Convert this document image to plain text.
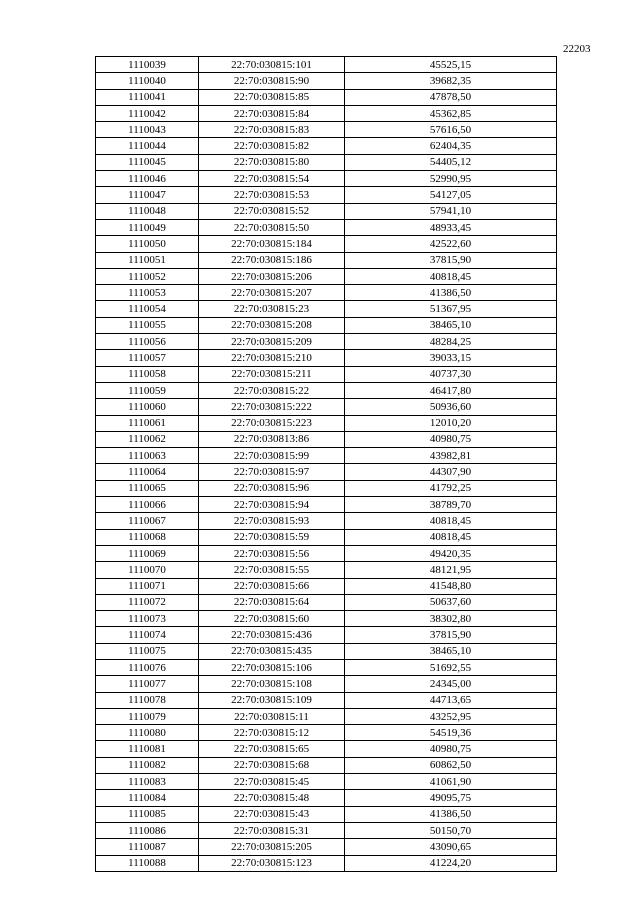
22203
1110039	22:70:030815:101	45525,15
1110040	22:70:030815:90	39682,35
1110041	22:70:030815:85	47878,50
1110042	22:70:030815:84	45362,85
1110043	22:70:030815:83	57616,50
1110044	22:70:030815:82	62404,35
1110045	22:70:030815:80	54405,12
1110046	22:70:030815:54	52990,95
1110047	22:70:030815:53	54127,05
1110048	22:70:030815:52	57941,10
1110049	22:70:030815:50	48933,45
1110050	22:70:030815:184	42522,60
1110051	22:70:030815:186	37815,90
1110052	22:70:030815:206	40818,45
1110053	22:70:030815:207	41386,50
1110054	22:70:030815:23	51367,95
1110055	22:70:030815:208	38465,10
1110056	22:70:030815:209	48284,25
1110057	22:70:030815:210	39033,15
1110058	22:70:030815:211	40737,30
1110059	22:70:030815:22	46417,80
1110060	22:70:030815:222	50936,60
1110061	22:70:030815:223	12010,20
1110062	22:70:030813:86	40980,75
1110063	22:70:030815:99	43982,81
1110064	22:70:030815:97	44307,90
1110065	22:70:030815:96	41792,25
1110066	22:70:030815:94	38789,70
1110067	22:70:030815:93	40818,45
1110068	22:70:030815:59	40818,45
1110069	22:70:030815:56	49420,35
1110070	22:70:030815:55	48121,95
1110071	22:70:030815:66	41548,80
1110072	22:70:030815:64	50637,60
1110073	22:70:030815:60	38302,80
1110074	22:70:030815:436	37815,90
1110075	22:70:030815:435	38465,10
1110076	22:70:030815:106	51692,55
1110077	22:70:030815:108	24345,00
1110078	22:70:030815:109	44713,65
1110079	22:70:030815:11	43252,95
1110080	22:70:030815:12	54519,36
1110081	22:70:030815:65	40980,75
1110082	22:70:030815:68	60862,50
1110083	22:70:030815:45	41061,90
1110084	22:70:030815:48	49095,75
1110085	22:70:030815:43	41386,50
1110086	22:70:030815:31	50150,70
1110087	22:70:030815:205	43090,65
1110088	22:70:030815:123	41224,20
